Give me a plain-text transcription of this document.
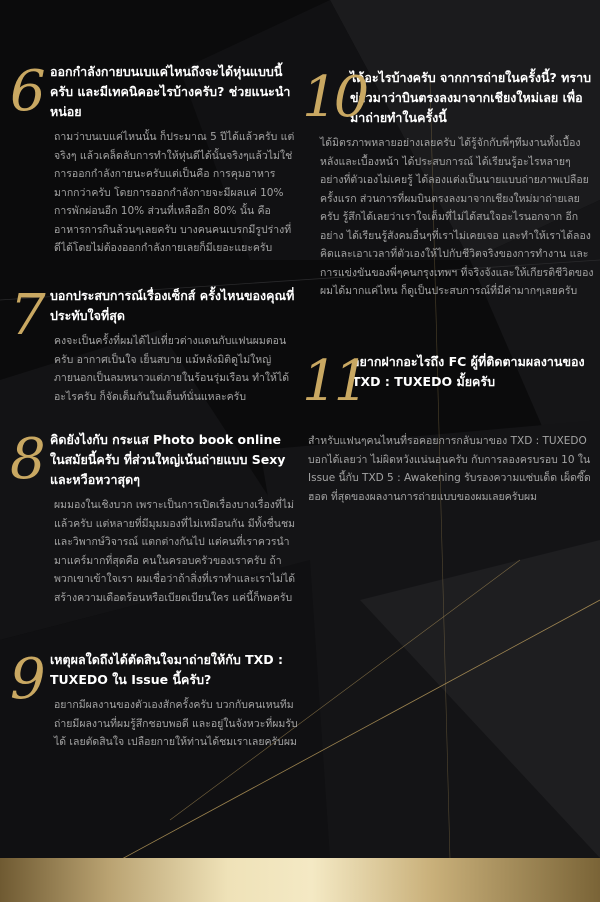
6 ออกกำลังกายบนเบแค่ไหนถึงจะได้หุ่นแบบนี้ครับ และมีเทคนิคอะไรบ้างครับ? ช่วยแนะนำหน่อย

ถามว่าบนเบแค่ไหนนั้น ก็ประมาณ 5 ปีได้แล้วครับ แต่จริงๆ แล้วเคล็ดลับการทำให้หุ่นดีได้นั้นจริงๆแล้วไม่ใช่การออกกำลังกายนะครับแต่เป็นคือ การคุมอาหาร มากกว่าครับ โดยการออกกำลังกายจะมีผลแค่ 10% การพักผ่อนอีก 10% ส่วนที่เหลืออีก 80% นั้น คือ อาหารการกินล้วนๆเลยครับ บางคนคนเบรกมีรูปร่างที่ดีได้โดยไม่ต้องออกกำลังกายเลยก็มีเยอะแยะครับ

7 บอกประสบการณ์เรื่องเซ็กส์ ครั้งไหนของคุณที่ประทับใจที่สุด

คงจะเป็นครั้งที่ผมได้ไปเที่ยวต่างแดนกับแฟนผมตอนครับ อากาศเป็นใจ เย็นสบาย แม้หลังมิติดูไม่ใหญ่ ภายนอกเป็นลมหนาวแต่ภายในร้อนรุ่มเรือน ทำให้ได้อะไรครับ ก็จัดเต็มกันในเต็นท์นั่นแหละครับ

8 คิดยังไงกับ กระแส Photo book online ในสมัยนี้ครับ ที่ส่วนใหญ่เน้นถ่ายแบบ Sexy และหวือหวาสุดๆ

ผมมองในเชิงบวก เพราะเป็นการเปิดเรื่องบางเรื่องที่ไม่แล้วครับ แต่หลายที่มีมุมมองที่ไม่เหมือนกัน มีทั้งชื่นชมและวิพากษ์วิจารณ์ แตกต่างกันไป แต่คนที่เราควรนำมาแคร์มากที่สุดคือ คนในครอบครัวของเราครับ ถ้าพวกเขาเข้าใจเรา ผมเชื่อว่าถ้าสิ่งที่เราทำและเราไม่ได้สร้างความเดือดร้อนหรือเบียดเบียนใคร แค่นี้ก็พอครับ

9 เหตุผลใดถึงได้ตัดสินใจมาถ่ายให้กับ TXD : TUXEDO ใน Issue นี้ครับ?

อยากมีผลงานของตัวเองสักครั้งครับ บวกกับคนเหนทีมถ่ายมีผลงานที่ผมรู้สึกชอบพอดี และอยู่ในจังหวะที่ผมรับได้ เลยตัดสินใจ เปลือยกายให้ท่านได้ชมเราเลยครับผม

10

ได้อะไรบ้างครับ จากการถ่ายในครั้งนี้? ทราบข่าวมาว่าบินตรงลงมาจากเชียงใหม่เลย เพื่อมาถ่ายทำในครั้งนี้

ได้มิตรภาพหลายอย่างเลยครับ ได้รู้จักกับพี่ๆทีมงานทั้งเบื้องหลังและเบื้องหน้า ได้ประสบการณ์ ได้เรียนรู้อะไรหลายๆอย่างที่ตัวเองไม่เคยรู้ ได้ลองแต่งเป็นนายแบบถ่ายภาพเปลือยครั้งแรก ส่วนการที่ผมบินตรงลงมาจากเชียงใหม่มาถ่ายเลยครับ รู้สึกได้เลยว่าเราใจเต็มที่ไม่ได้สนใจอะไรนอกจาก อีกอย่าง ได้เรียนรู้สังคมอื่นๆที่เราไม่เคยเจอ และทำให้เราได้ลองคิดและเอาเวลาที่ตัวเองให้ไปกับชีวิตจริงของการทำงาน และการแข่งขันของพี่ๆคนกรุงเทพฯ ที่จริงจังและให้เกียรติชีวิตของผมได้มากแค่ไหน ก็ดูเป็นประสบการณ์ที่มีค่ามากๆเลยครับ

11

อยากฝากอะไรถึง FC ผู้ที่ติดตามผลงานของ TXD : TUXEDO มั้ยครับ

สำหรับแฟนๆคนไหนที่รอคอยการกลับมาของ TXD : TUXEDO บอกได้เลยว่า ไม่ผิดหวังแน่นอนครับ กับการลองครบรอบ 10 ใน Issue นี้กับ TXD 5 : Awakening รับรองความแซ่บเด็ด เผ็ดซี๊ดฮอต ที่สุดของผลงานการถ่ายแบบของผมเลยครับผม
